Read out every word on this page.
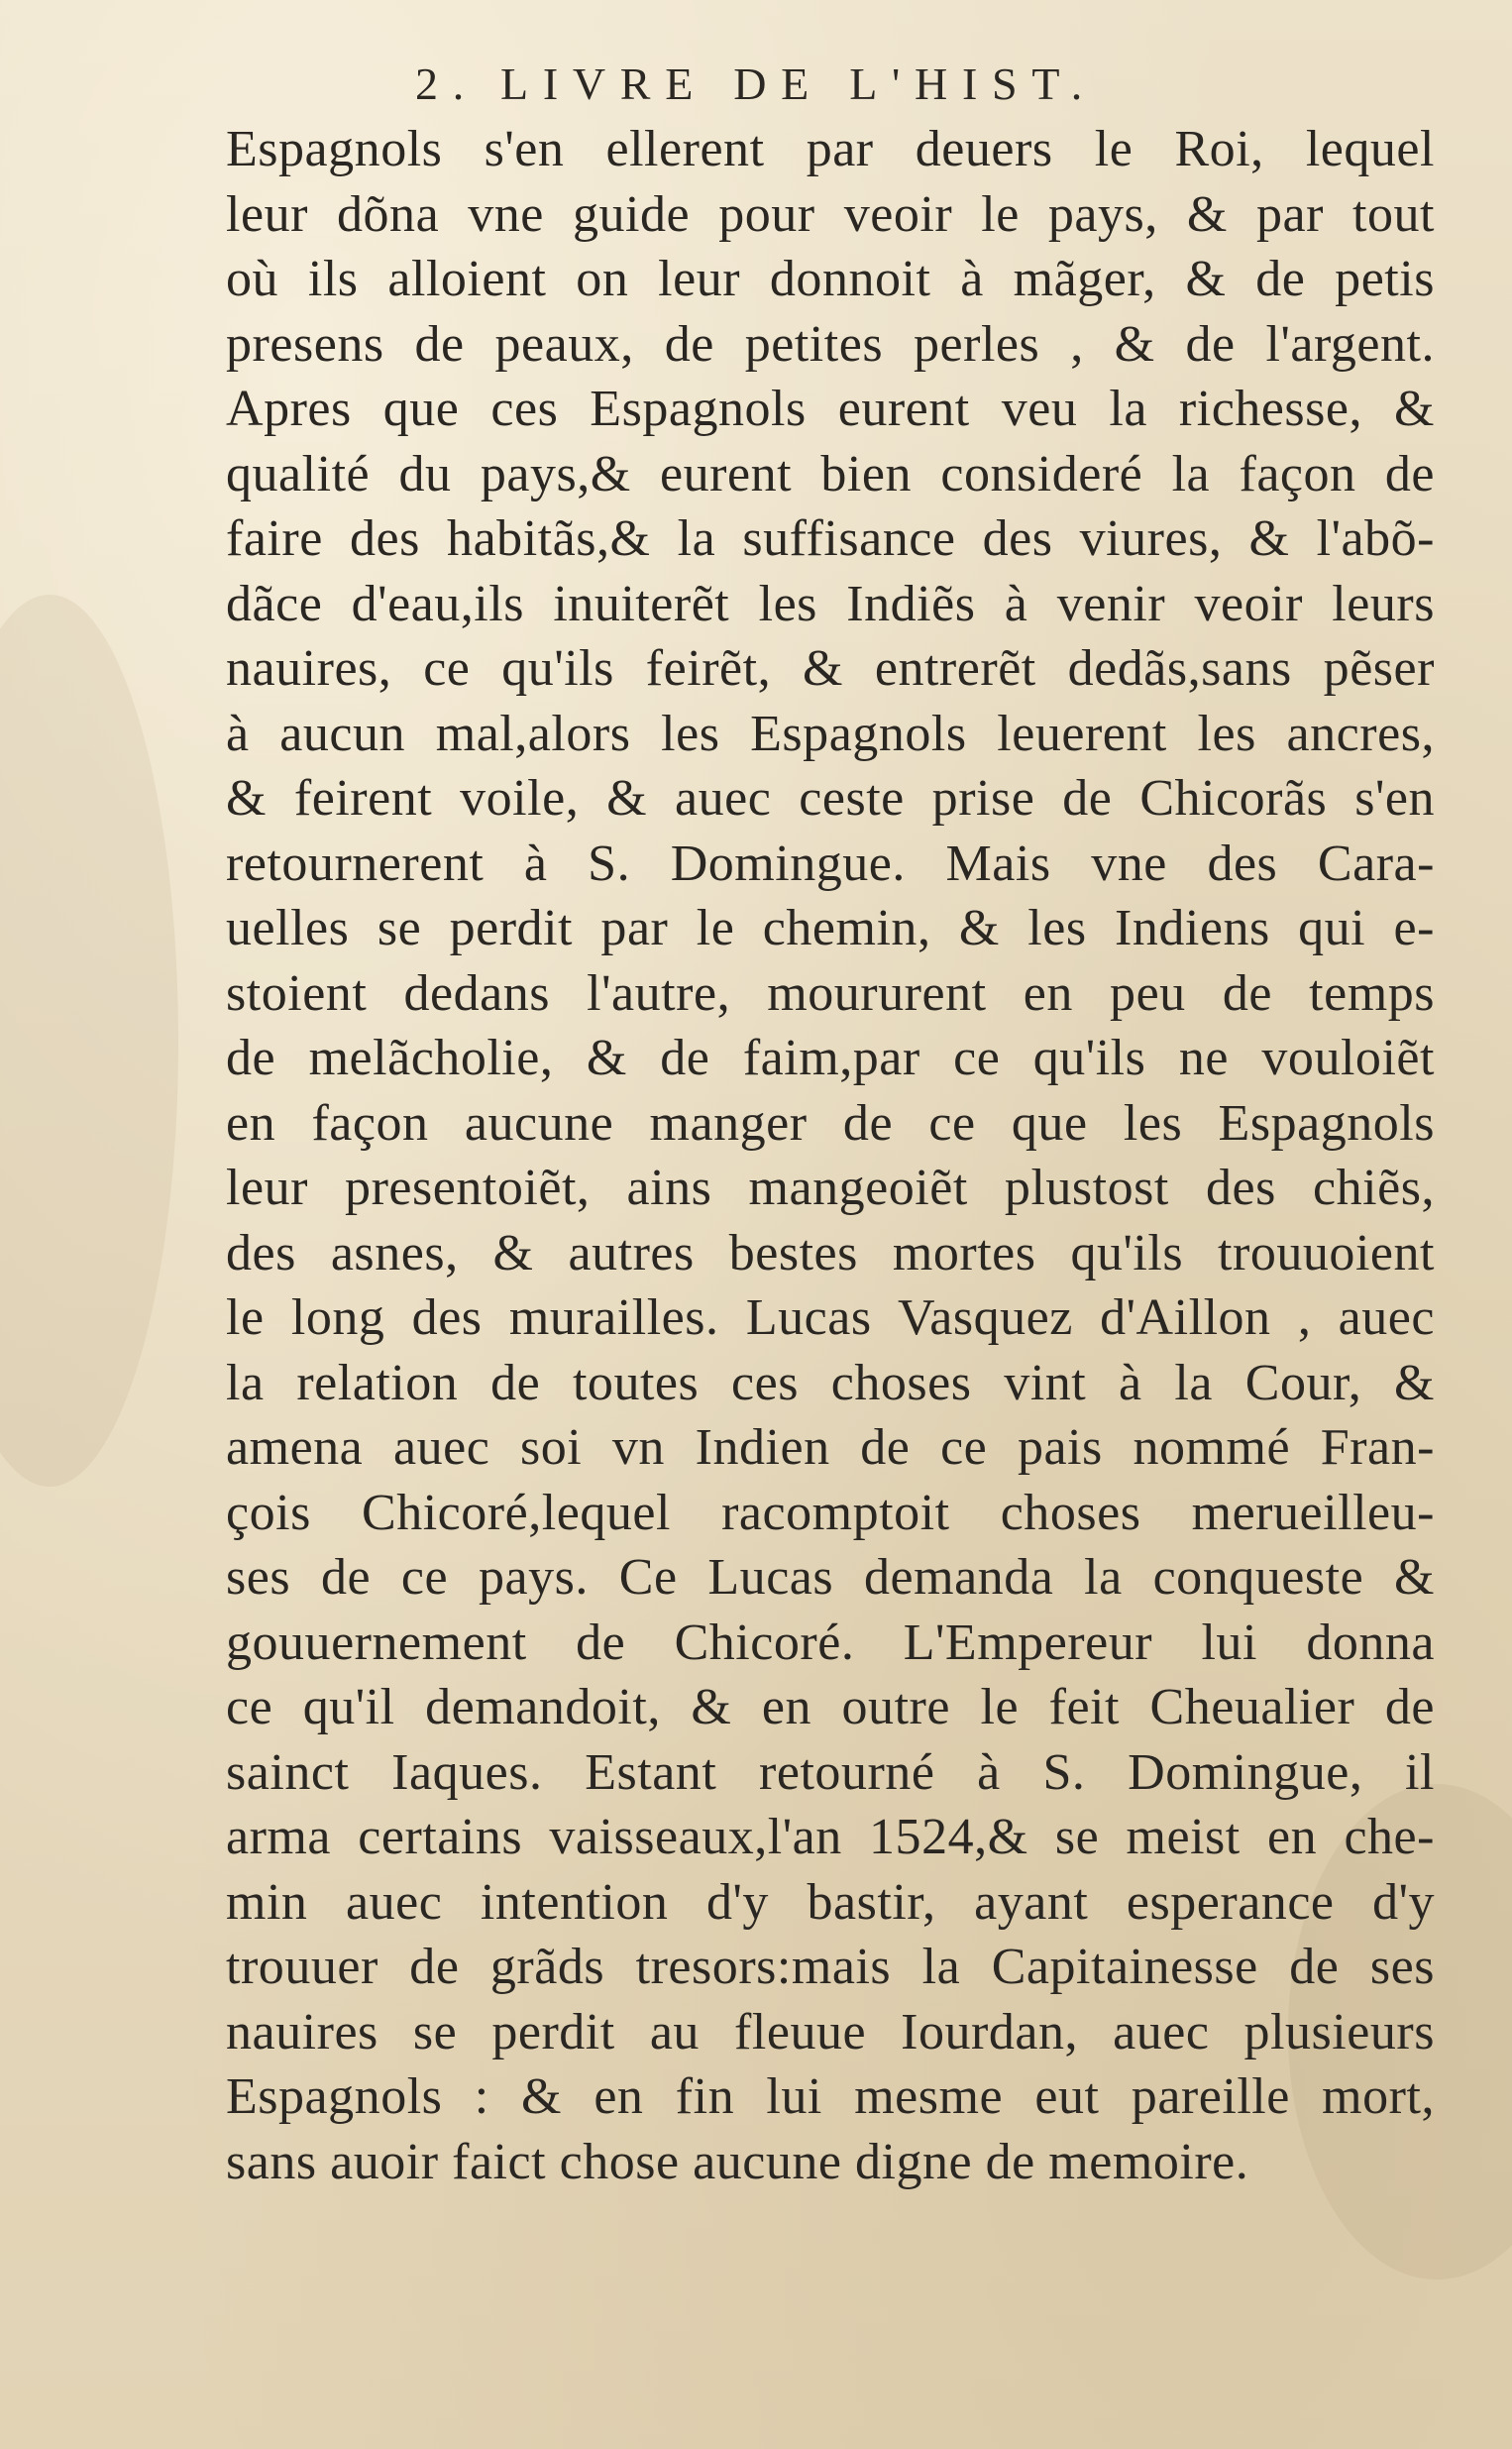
2. LIVRE DE L'HIST.
Espagnols s'en ellerent par deuers le Roi, lequel
leur dõna vne guide pour veoir le pays, & par tout
où ils alloient on leur donnoit à mãger, & de petis
presens de peaux, de petites perles , & de l'argent.
Apres que ces Espagnols eurent veu la richesse, &
qualité du pays,& eurent bien consideré la façon de
faire des habitãs,& la suffisance des viures, & l'abõ-
dãce d'eau,ils inuiterẽt les Indiẽs à venir veoir leurs
nauires, ce qu'ils feirẽt, & entrerẽt dedãs,sans pẽser
à aucun mal,alors les Espagnols leuerent les ancres,
& feirent voile, & auec ceste prise de Chicorãs s'en
retournerent à S. Domingue. Mais vne des Cara-
uelles se perdit par le chemin, & les Indiens qui e-
stoient dedans l'autre, moururent en peu de temps
de melãcholie, & de faim,par ce qu'ils ne vouloiẽt
en façon aucune manger de ce que les Espagnols
leur presentoiẽt, ains mangeoiẽt plustost des chiẽs,
des asnes, & autres bestes mortes qu'ils trouuoient
le long des murailles. Lucas Vasquez d'Aillon , auec
la relation de toutes ces choses vint à la Cour, &
amena auec soi vn Indien de ce pais nommé Fran-
çois Chicoré,lequel racomptoit choses merueilleu-
ses de ce pays. Ce Lucas demanda la conqueste &
gouuernement de Chicoré. L'Empereur lui donna
ce qu'il demandoit, & en outre le feit Cheualier de
sainct Iaques. Estant retourné à S. Domingue, il
arma certains vaisseaux,l'an 1524,& se meist en che-
min auec intention d'y bastir, ayant esperance d'y
trouuer de grãds tresors:mais la Capitainesse de ses
nauires se perdit au fleuue Iourdan, auec plusieurs
Espagnols : & en fin lui mesme eut pareille mort,
sans auoir faict chose aucune digne de memoire.
